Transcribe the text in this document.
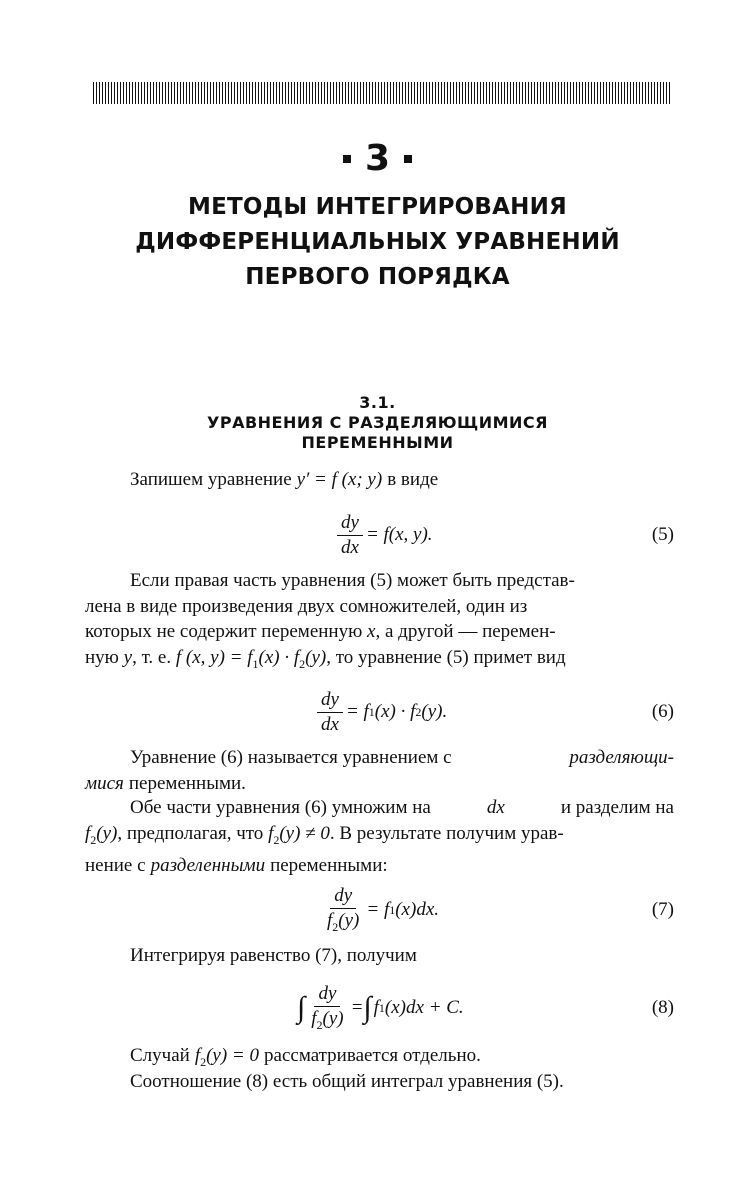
3
МЕТОДЫ ИНТЕГРИРОВАНИЯ
ДИФФЕРЕНЦИАЛЬНЫХ УРАВНЕНИЙ
ПЕРВОГО ПОРЯДКА
3.1.
УРАВНЕНИЯ С РАЗДЕЛЯЮЩИМИСЯ
ПЕРЕМЕННЫМИ
Запишем уравнение y′ = f (x; y) в виде
$\frac{dy}{dx} = f(x$, y).	(5)
Если правая часть уравнения (5) может быть представ-
лена в виде произведения двух сомножителей, один из
которых не содержит переменную x, а другой — перемен-
ную y, т. е. f (x, $y) = f_1(x) \cdot f_2(y)$, то уравнение (5) примет вид
$\frac{dy}{dx} = f$ 1 (x) · f 2 (y).	(6)
Уравнение (6) называется уравнением с	разделяющи-
мися переменными.
Обе части уравнения (6) умножим на	dx	и разделим на
$f_2(y)$, предполагая, что $f_2(y) \ne 0$. В результате получим урав-
нение с разделенными переменными:
$\frac{dy}{f_2(y)} = f$ 1 (x)dx.	(7)
Интегрируя равенство (7), получим
∫ $\frac{dy}{f_2(y)}$ = ∫ f 1 (x)dx + C.	(8)
Случай $f_2(y) = 0$ рассматривается отдельно.
Соотношение (8) есть общий интеграл уравнения (5).
